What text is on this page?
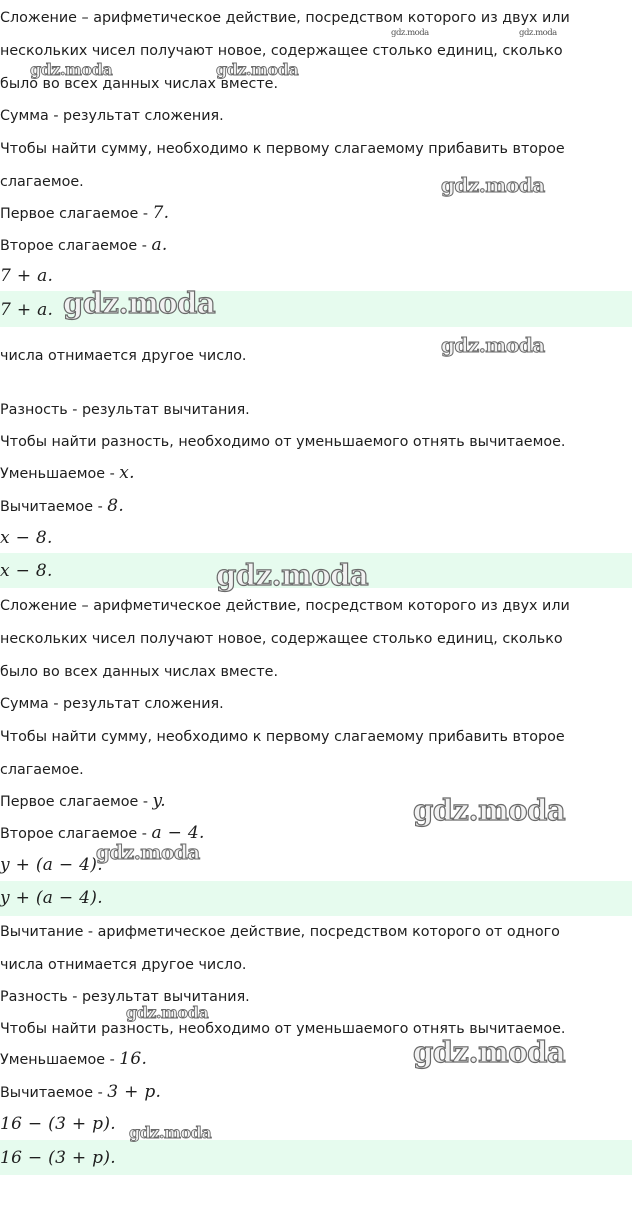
Сложение – арифметическое действие, посредством которого из двух или
нескольких чисел получают новое, содержащее столько единиц, сколько
было во всех данных числах вместе.
Сумма - результат сложения.
Чтобы найти сумму, необходимо к первому слагаемому прибавить второе
слагаемое.
Первое слагаемое - 7.
Второе слагаемое - a.
7 + a.
7 + a.
числа отнимается другое число.
Разность - результат вычитания.
Чтобы найти разность, необходимо от уменьшаемого отнять вычитаемое.
Уменьшаемое - x.
Вычитаемое - 8.
x − 8.
x − 8.
Сложение – арифметическое действие, посредством которого из двух или
нескольких чисел получают новое, содержащее столько единиц, сколько
было во всех данных числах вместе.
Сумма - результат сложения.
Чтобы найти сумму, необходимо к первому слагаемому прибавить второе
слагаемое.
Первое слагаемое - y.
Второе слагаемое - a − 4.
y + (a − 4).
y + (a − 4).
Вычитание - арифметическое действие, посредством которого от одного
числа отнимается другое число.
Разность - результат вычитания.
Чтобы найти разность, необходимо от уменьшаемого отнять вычитаемое.
Уменьшаемое - 16.
Вычитаемое - 3 + p.
16 − (3 + p).
16 − (3 + p).
gdz.moda	gdz.moda
gdz.moda	gdz.moda
gdz.moda
gdz.moda
gdz.moda
gdz.moda
gdz.moda
gdz.moda
gdz.moda
gdz.moda
gdz.moda
